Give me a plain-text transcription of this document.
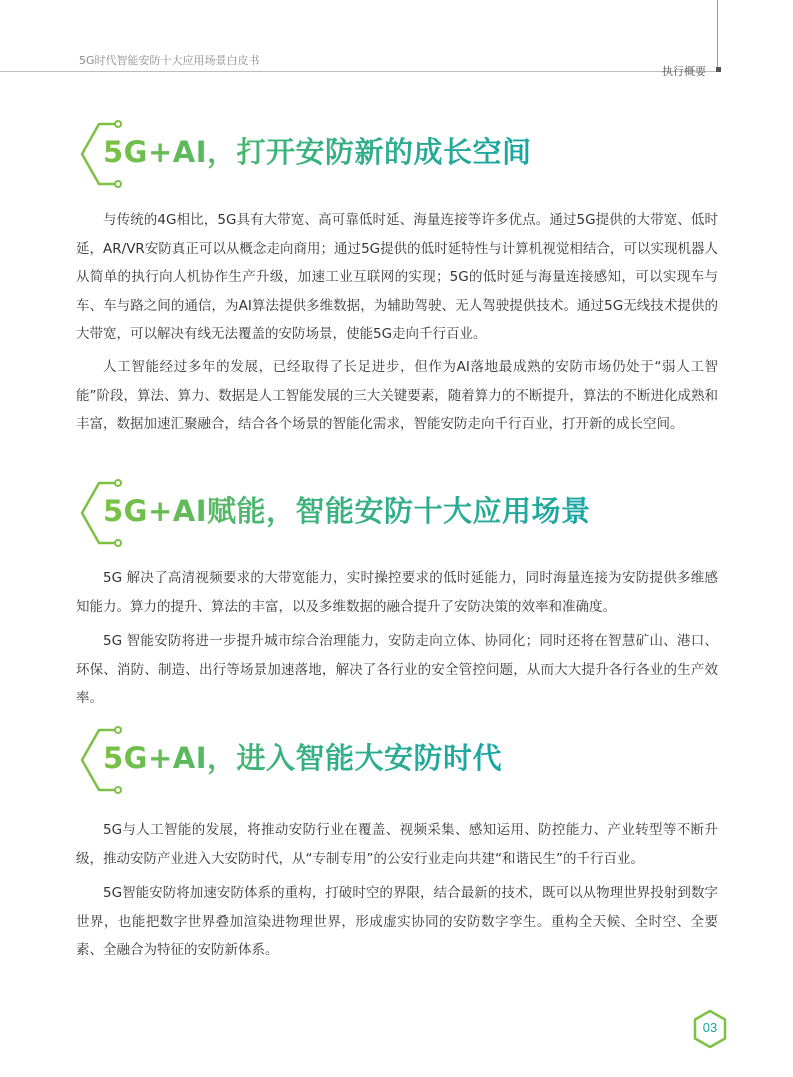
5G时代智能安防十大应用场景白皮书
执行概要
5G+AI，打开安防新的成长空间

与传统的4G相比，5G具有大带宽、高可靠低时延、海量连接等许多优点。通过5G提供的大带宽、低时延，AR/VR安防真正可以从概念走向商用；通过5G提供的低时延特性与计算机视觉相结合，可以实现机器人从简单的执行向人机协作生产升级，加速工业互联网的实现；5G的低时延与海量连接感知，可以实现车与车、车与路之间的通信，为AI算法提供多维数据，为辅助驾驶、无人驾驶提供技术。通过5G无线技术提供的大带宽，可以解决有线无法覆盖的安防场景，使能5G走向千行百业。

人工智能经过多年的发展，已经取得了长足进步，但作为AI落地最成熟的安防市场仍处于“弱人工智能”阶段，算法、算力、数据是人工智能发展的三大关键要素，随着算力的不断提升，算法的不断进化成熟和丰富，数据加速汇聚融合，结合各个场景的智能化需求，智能安防走向千行百业，打开新的成长空间。

5G+AI赋能，智能安防十大应用场景

5G 解决了高清视频要求的大带宽能力，实时操控要求的低时延能力，同时海量连接为安防提供多维感知能力。算力的提升、算法的丰富，以及多维数据的融合提升了安防决策的效率和准确度。

5G 智能安防将进一步提升城市综合治理能力，安防走向立体、协同化；同时还将在智慧矿山、港口、环保、消防、制造、出行等场景加速落地，解决了各行业的安全管控问题，从而大大提升各行各业的生产效率。

5G+AI，进入智能大安防时代

5G与人工智能的发展，将推动安防行业在覆盖、视频采集、感知运用、防控能力、产业转型等不断升级，推动安防产业进入大安防时代，从“专制专用”的公安行业走向共建“和谐民生”的千行百业。

5G智能安防将加速安防体系的重构，打破时空的界限，结合最新的技术，既可以从物理世界投射到数字世界，也能把数字世界叠加渲染进物理世界，形成虚实协同的安防数字孪生。重构全天候、全时空、全要素、全融合为特征的安防新体系。

03
